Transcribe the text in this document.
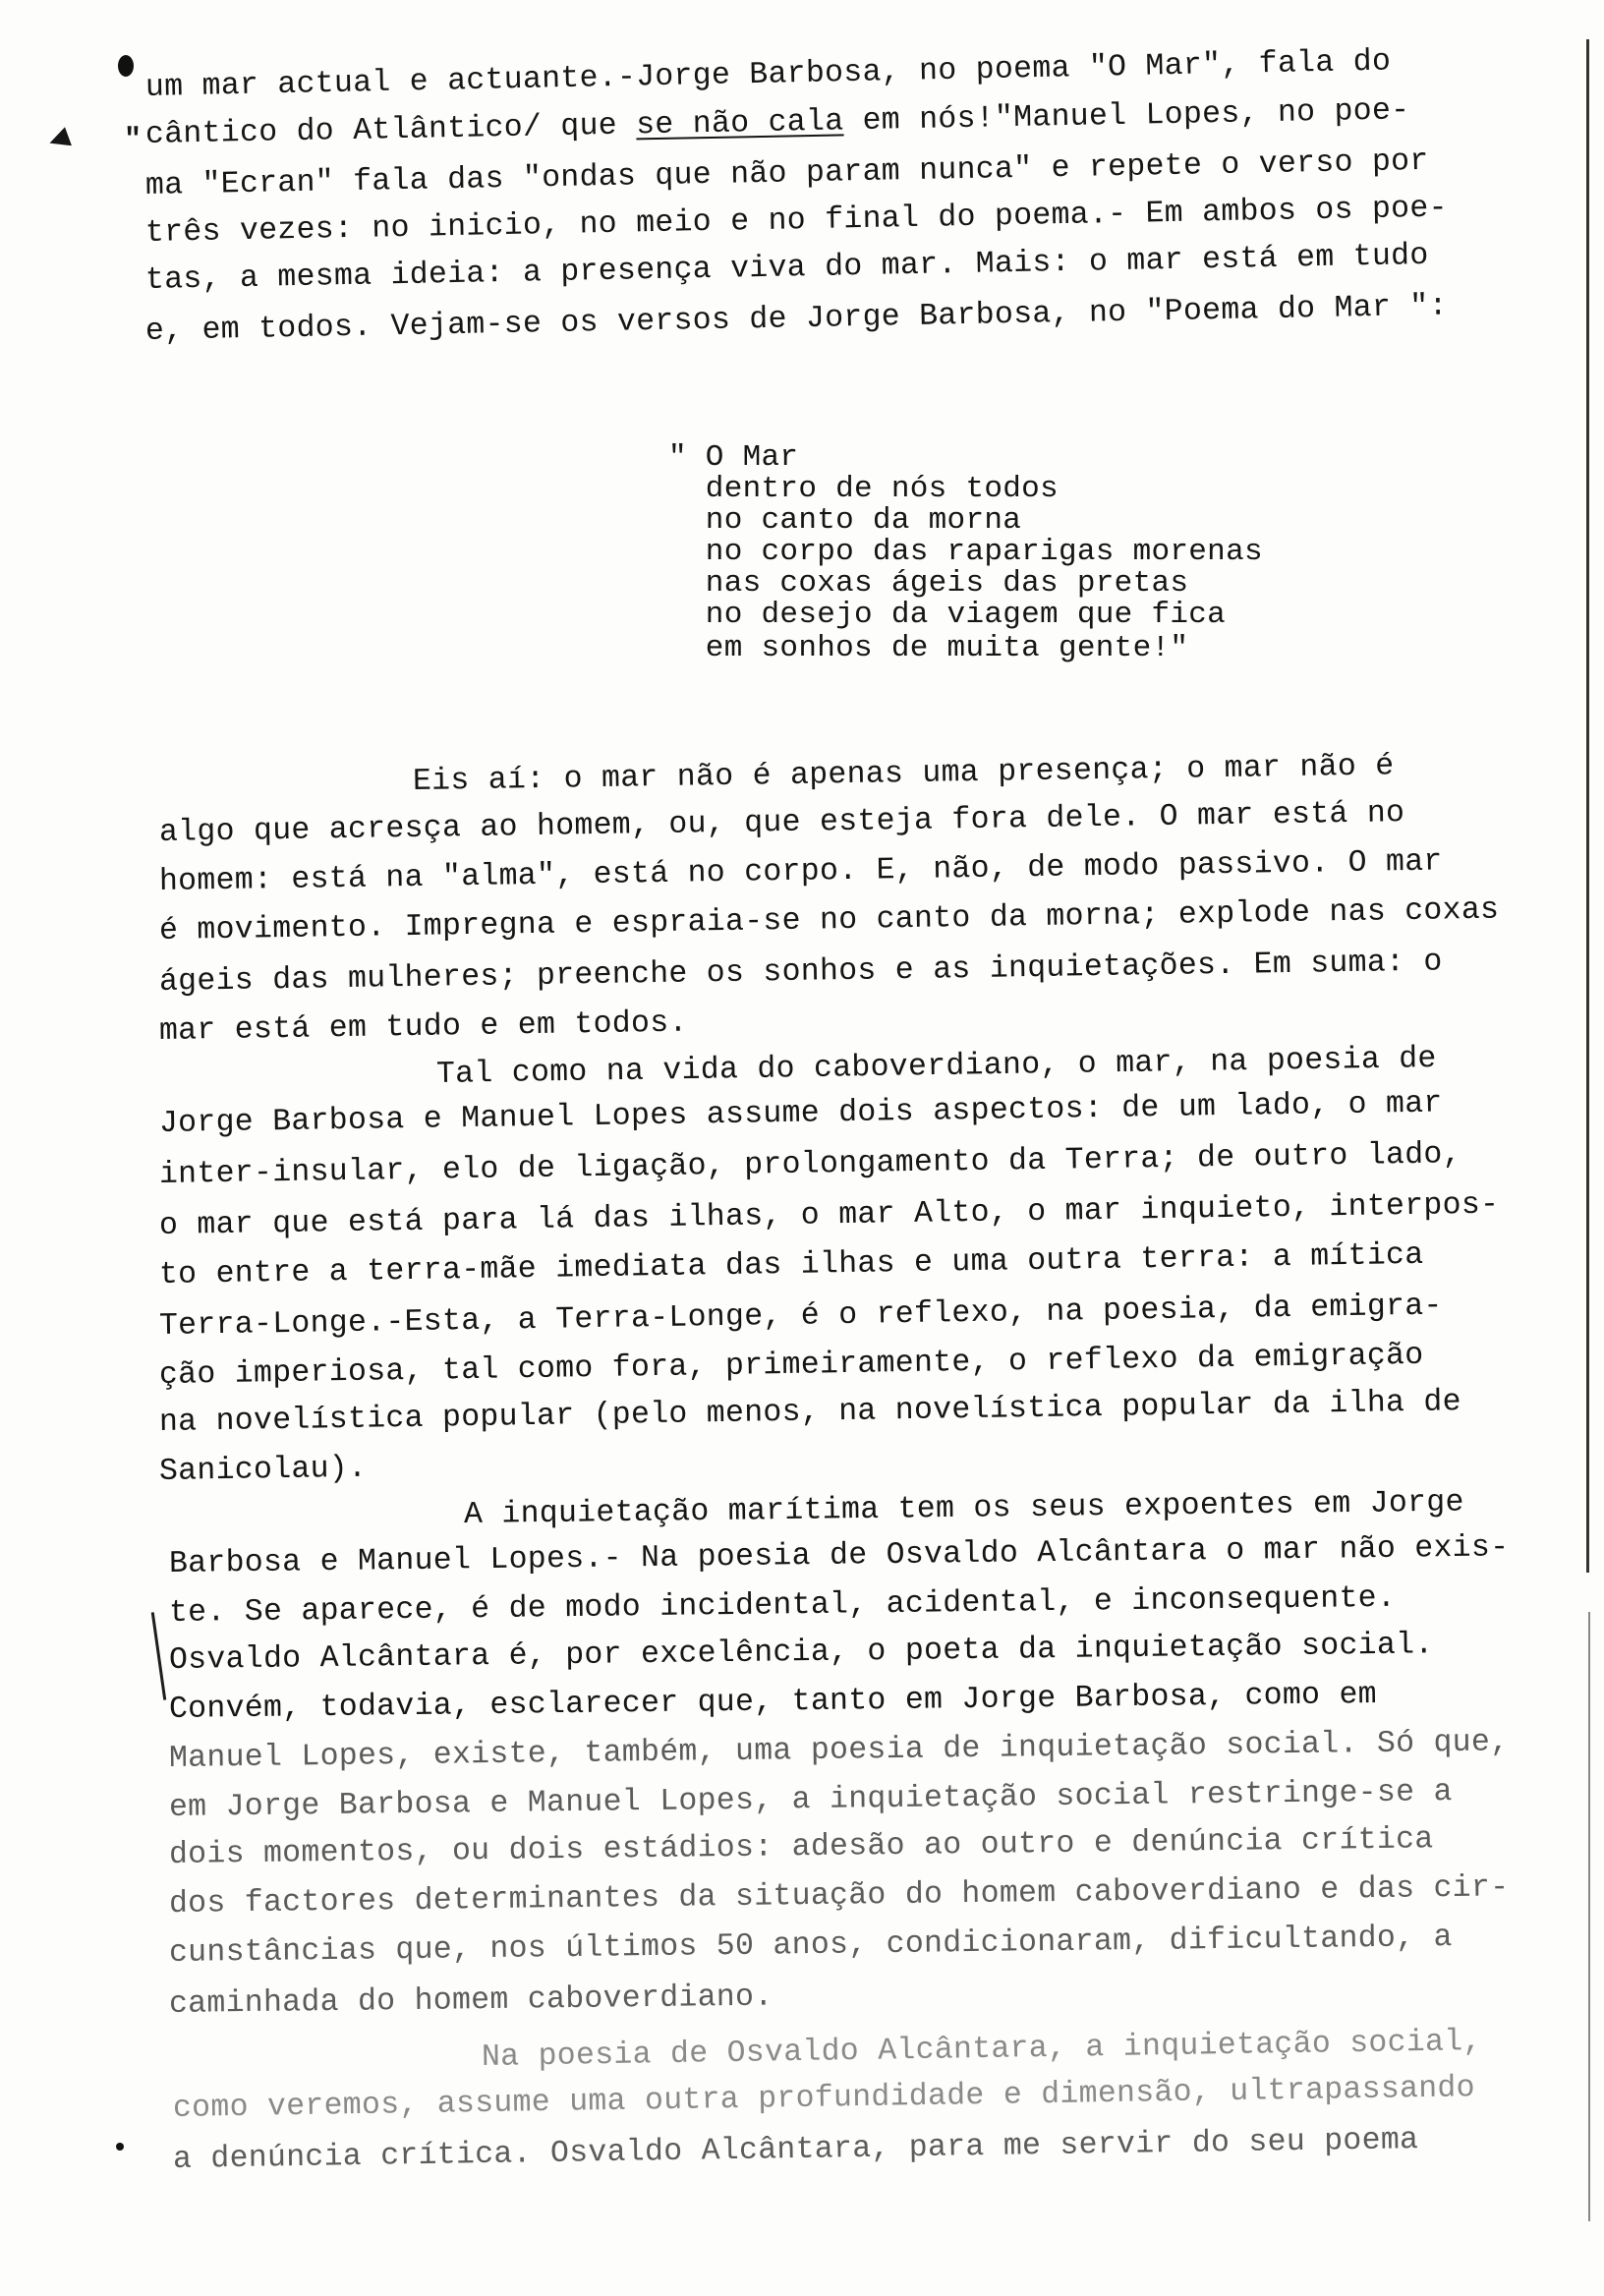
◀ "
um mar actual e actuante.-Jorge Barbosa, no poema "O Mar", fala do
cântico do Atlântico/ que se não cala em nós!"Manuel Lopes, no poe-
ma "Ecran" fala das "ondas que não param nunca" e repete o verso por
três vezes: no inicio, no meio e no final do poema.- Em ambos os poe-
tas, a mesma ideia: a presença viva do mar. Mais: o mar está em tudo
e, em todos. Vejam-se os versos de Jorge Barbosa, no "Poema do Mar ":
" O Mar
dentro de nós todos
no canto da morna
no corpo das raparigas morenas
nas coxas ágeis das pretas
no desejo da viagem que fica
em sonhos de muita gente!"
Eis aí: o mar não é apenas uma presença; o mar não é
algo que acresça ao homem, ou, que esteja fora dele. O mar está no
homem: está na "alma", está no corpo. E, não, de modo passivo. O mar
é movimento. Impregna e espraia-se no canto da morna; explode nas coxas
ágeis das mulheres; preenche os sonhos e as inquietações. Em suma: o
mar está em tudo e em todos.
Tal como na vida do caboverdiano, o mar, na poesia de
Jorge Barbosa e Manuel Lopes assume dois aspectos: de um lado, o mar
inter-insular, elo de ligação, prolongamento da Terra; de outro lado,
o mar que está para lá das ilhas, o mar Alto, o mar inquieto, interpos-
to entre a terra-mãe imediata das ilhas e uma outra terra: a mítica
Terra-Longe.-Esta, a Terra-Longe, é o reflexo, na poesia, da emigra-
ção imperiosa, tal como fora, primeiramente, o reflexo da emigração
na novelística popular (pelo menos, na novelística popular da ilha de
Sanicolau).
A inquietação marítima tem os seus expoentes em Jorge
Barbosa e Manuel Lopes.- Na poesia de Osvaldo Alcântara o mar não exis-
te. Se aparece, é de modo incidental, acidental, e inconsequente.
Osvaldo Alcântara é, por excelência, o poeta da inquietação social.
Convém, todavia, esclarecer que, tanto em Jorge Barbosa, como em
Manuel Lopes, existe, também, uma poesia de inquietação social. Só que,
em Jorge Barbosa e Manuel Lopes, a inquietação social restringe-se a
dois momentos, ou dois estádios: adesão ao outro e denúncia crítica
dos factores determinantes da situação do homem caboverdiano e das cir-
cunstâncias que, nos últimos 50 anos, condicionaram, dificultando, a
caminhada do homem caboverdiano.
Na poesia de Osvaldo Alcântara, a inquietação social,
como veremos, assume uma outra profundidade e dimensão, ultrapassando
a denúncia crítica. Osvaldo Alcântara, para me servir do seu poema
